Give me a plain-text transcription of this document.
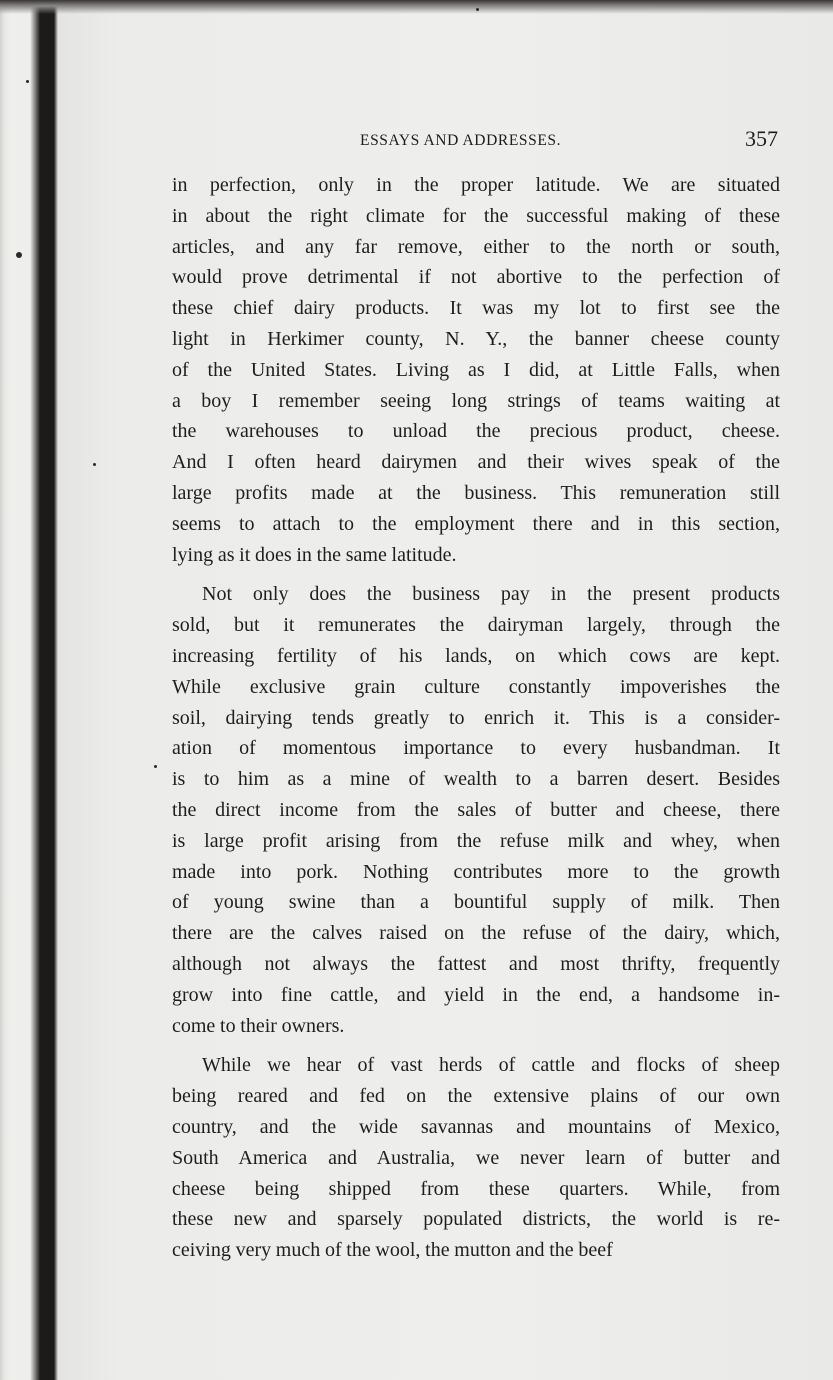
ESSAYS AND ADDRESSES.	357
in perfection, only in the proper latitude. We are situated
in about the right climate for the successful making of these
articles, and any far remove, either to the north or south,
would prove detrimental if not abortive to the perfection of
these chief dairy products. It was my lot to first see the
light in Herkimer county, N. Y., the banner cheese county
of the United States. Living as I did, at Little Falls, when
a boy I remember seeing long strings of teams waiting at
the warehouses to unload the precious product, cheese.
And I often heard dairymen and their wives speak of the
large profits made at the business. This remuneration still
seems to attach to the employment there and in this section,
lying as it does in the same latitude.
Not only does the business pay in the present products
sold, but it remunerates the dairyman largely, through the
increasing fertility of his lands, on which cows are kept.
While exclusive grain culture constantly impoverishes the
soil, dairying tends greatly to enrich it. This is a consider-
ation of momentous importance to every husbandman. It
is to him as a mine of wealth to a barren desert. Besides
the direct income from the sales of butter and cheese, there
is large profit arising from the refuse milk and whey, when
made into pork. Nothing contributes more to the growth
of young swine than a bountiful supply of milk. Then
there are the calves raised on the refuse of the dairy, which,
although not always the fattest and most thrifty, frequently
grow into fine cattle, and yield in the end, a handsome in-
come to their owners.
While we hear of vast herds of cattle and flocks of sheep
being reared and fed on the extensive plains of our own
country, and the wide savannas and mountains of Mexico,
South America and Australia, we never learn of butter and
cheese being shipped from these quarters. While, from
these new and sparsely populated districts, the world is re-
ceiving very much of the wool, the mutton and the beef
